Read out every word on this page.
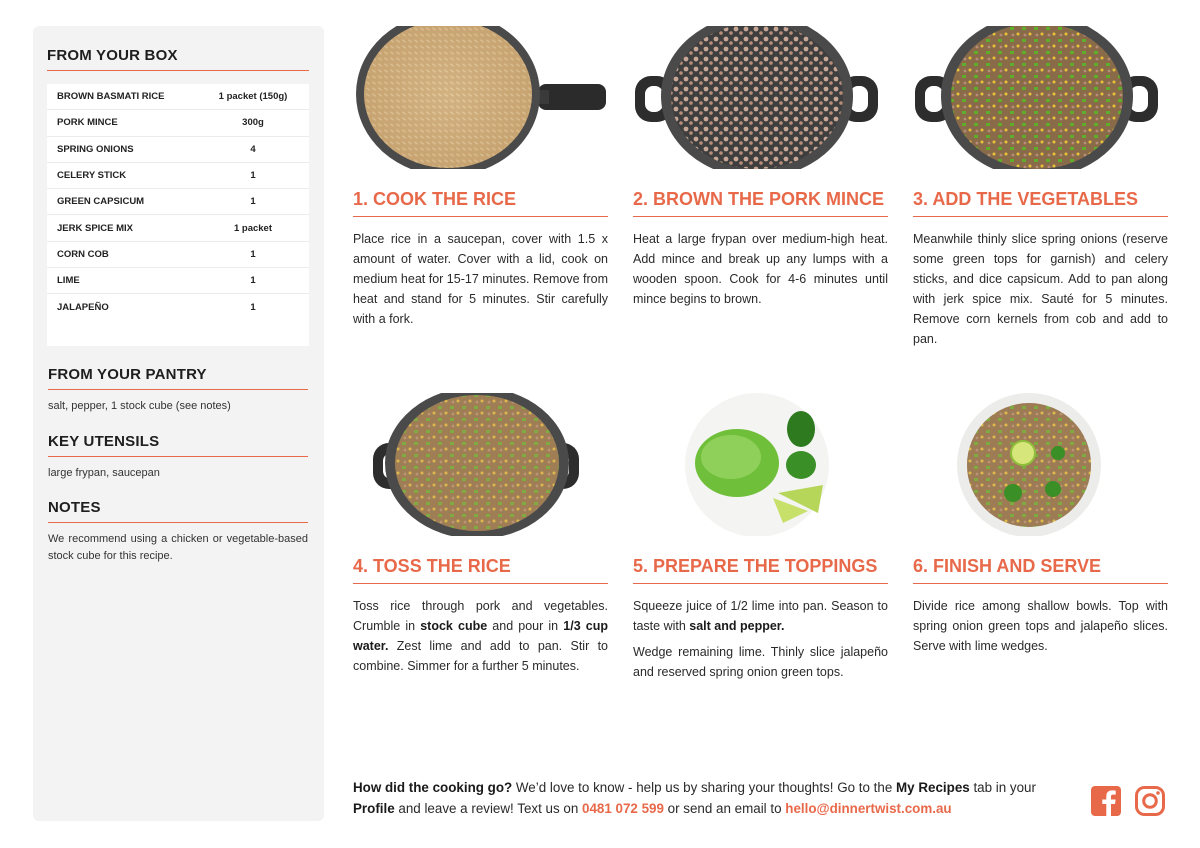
FROM YOUR BOX
BROWN BASMATI RICE	1 packet (150g)
PORK MINCE	300g
SPRING ONIONS	4
CELERY STICK	1
GREEN CAPSICUM	1
JERK SPICE MIX	1 packet
CORN COB	1
LIME	1
JALAPEÑO	1
FROM YOUR PANTRY
salt, pepper, 1 stock cube (see notes)
KEY UTENSILS
large frypan, saucepan
NOTES
We recommend using a chicken or vegetable-based stock cube for this recipe.
1. COOK THE RICE

Place rice in a saucepan, cover with 1.5 x amount of water. Cover with a lid, cook on medium heat for 15-17 minutes. Remove from heat and stand for 5 minutes. Stir carefully with a fork.

2. BROWN THE PORK MINCE

Heat a large frypan over medium-high heat. Add mince and break up any lumps with a wooden spoon. Cook for 4-6 minutes until mince begins to brown.

3. ADD THE VEGETABLES

Meanwhile thinly slice spring onions (reserve some green tops for garnish) and celery sticks, and dice capsicum. Add to pan along with jerk spice mix. Sauté for 5 minutes. Remove corn kernels from cob and add to pan.

4. TOSS THE RICE

Toss rice through pork and vegetables. Crumble in stock cube and pour in 1/3 cup water. Zest lime and add to pan. Stir to combine. Simmer for a further 5 minutes.

5. PREPARE THE TOPPINGS

Squeeze juice of 1/2 lime into pan. Season to taste with salt and pepper.

Wedge remaining lime. Thinly slice jalapeño and reserved spring onion green tops.

6. FINISH AND SERVE

Divide rice among shallow bowls. Top with spring onion green tops and jalapeño slices. Serve with lime wedges.

How did the cooking go? We’d love to know - help us by sharing your thoughts! Go to the My Recipes tab in your Profile and leave a review! Text us on 0481 072 599 or send an email to hello@dinnertwist.com.au
